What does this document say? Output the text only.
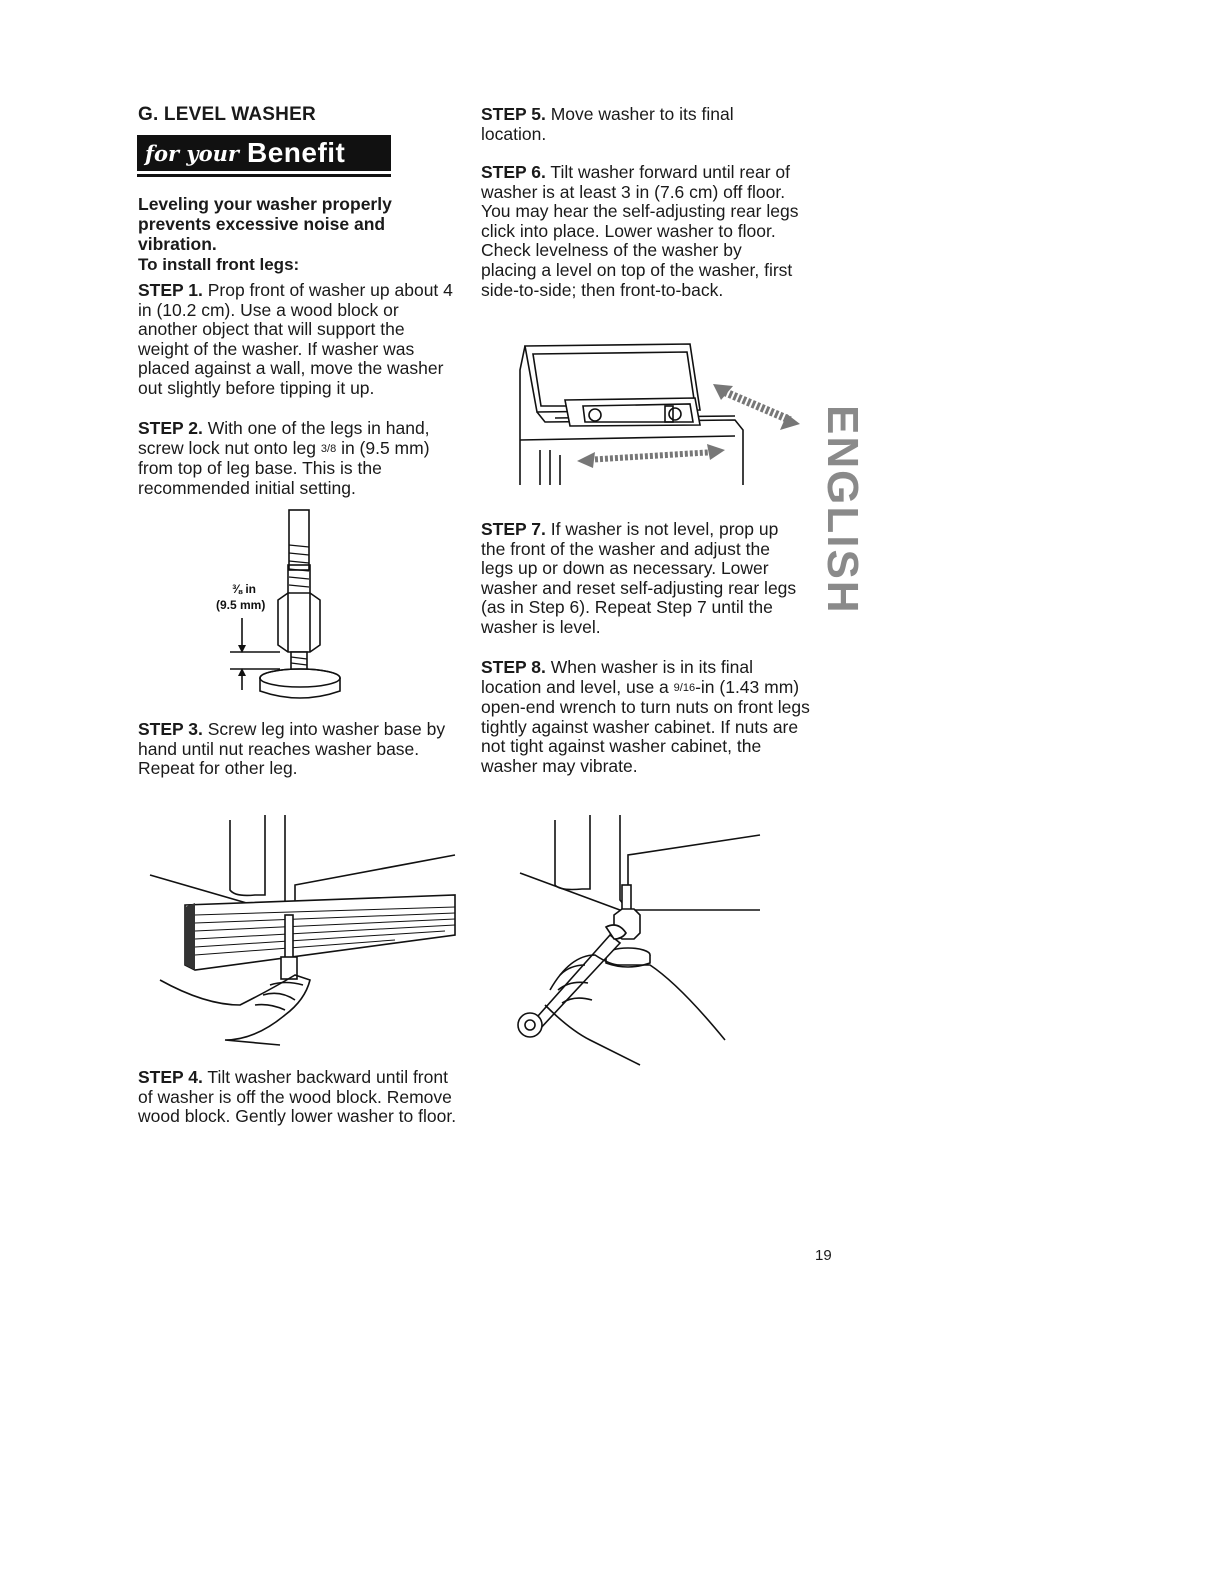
G. LEVEL WASHER
for your Benefit
Leveling your washer properly prevents excessive noise and vibration.
To install front legs:
STEP 1. Prop front of washer up about 4 in (10.2 cm). Use a wood block or another object that will support the weight of the washer. If washer was placed against a wall, move the washer out slightly before tipping it up.
STEP 2. With one of the legs in hand, screw lock nut onto leg 3/8 in (9.5 mm) from top of leg base. This is the recommended initial setting.
⅜ in
(9.5 mm)
STEP 3. Screw leg into washer base by hand until nut reaches washer base. Repeat for other leg.
STEP 4. Tilt washer backward until front of washer is off the wood block. Remove wood block. Gently lower washer to floor.
STEP 5. Move washer to its final location.
STEP 6. Tilt washer forward until rear of washer is at least 3 in (7.6 cm) off floor. You may hear the self-adjusting rear legs click into place. Lower washer to floor. Check levelness of the washer by placing a level on top of the washer, first side-to-side; then front-to-back.
STEP 7. If washer is not level, prop up the front of the washer and adjust the legs up or down as necessary. Lower washer and reset self-adjusting rear legs (as in Step 6). Repeat Step 7 until the washer is level.
STEP 8. When washer is in its final location and level, use a 9/16-in (1.43 mm) open-end wrench to turn nuts on front legs tightly against washer cabinet. If nuts are not tight against washer cabinet, the washer may vibrate.
ENGLISH
19
